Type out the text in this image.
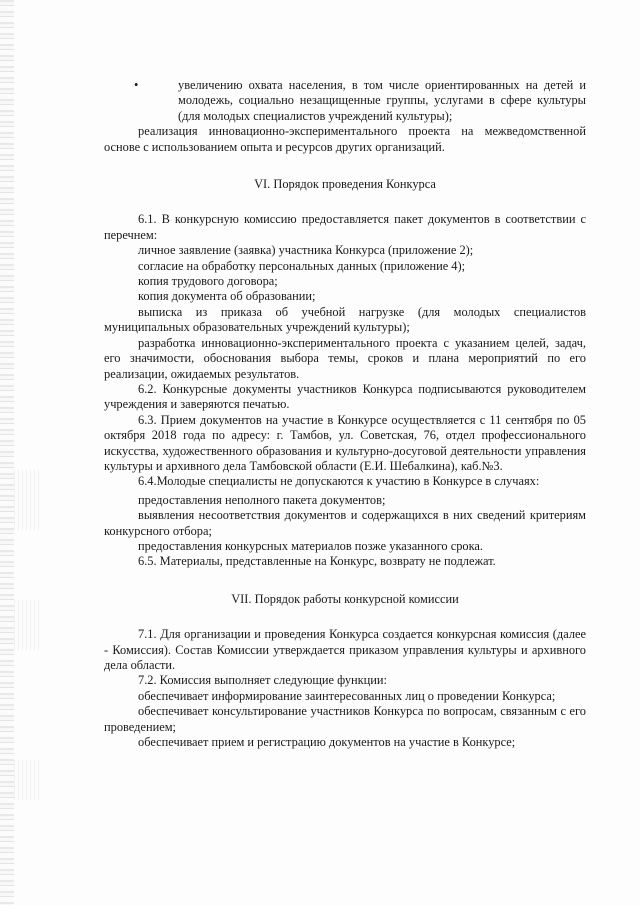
•	увеличению охвата населения, в том числе ориентированных на детей и молодежь, социально незащищенные группы, услугами в сфере культуры (для молодых специалистов учреждений культуры);

реализация инновационно-экспериментального проекта на межведомственной основе с использованием опыта и ресурсов других организаций.

VI. Порядок проведения Конкурса

6.1. В конкурсную комиссию предоставляется пакет документов в соответствии с перечнем:

личное заявление (заявка) участника Конкурса (приложение 2);

согласие на обработку персональных данных (приложение 4);

копия трудового договора;

копия документа об образовании;

выписка из приказа об учебной нагрузке (для молодых специалистов муниципальных образовательных учреждений культуры);

разработка инновационно-экспериментального проекта с указанием целей, задач, его значимости, обоснования выбора темы, сроков и плана мероприятий по его реализации, ожидаемых результатов.

6.2. Конкурсные документы участников Конкурса подписываются руководителем учреждения и заверяются печатью.

6.3. Прием документов на участие в Конкурсе осуществляется с 11 сентября по 05 октября 2018 года по адресу: г. Тамбов, ул. Советская, 76, отдел профессионального искусства, художественного образования и культурно-досуговой деятельности управления культуры и архивного дела Тамбовской области (Е.И. Шебалкина), каб.№3.

6.4.Молодые специалисты не допускаются к участию в Конкурсе в случаях:

предоставления неполного пакета документов;

выявления несоответствия документов и содержащихся в них сведений критериям конкурсного отбора;

предоставления конкурсных материалов позже указанного срока.

6.5. Материалы, представленные на Конкурс, возврату не подлежат.

VII. Порядок работы конкурсной комиссии

7.1. Для организации и проведения Конкурса создается конкурсная комиссия (далее - Комиссия). Состав Комиссии утверждается приказом управления культуры и архивного дела области.

7.2. Комиссия выполняет следующие функции:

обеспечивает информирование заинтересованных лиц о проведении Конкурса;

обеспечивает консультирование участников Конкурса по вопросам, связанным с его проведением;

обеспечивает прием и регистрацию документов на участие в Конкурсе;
